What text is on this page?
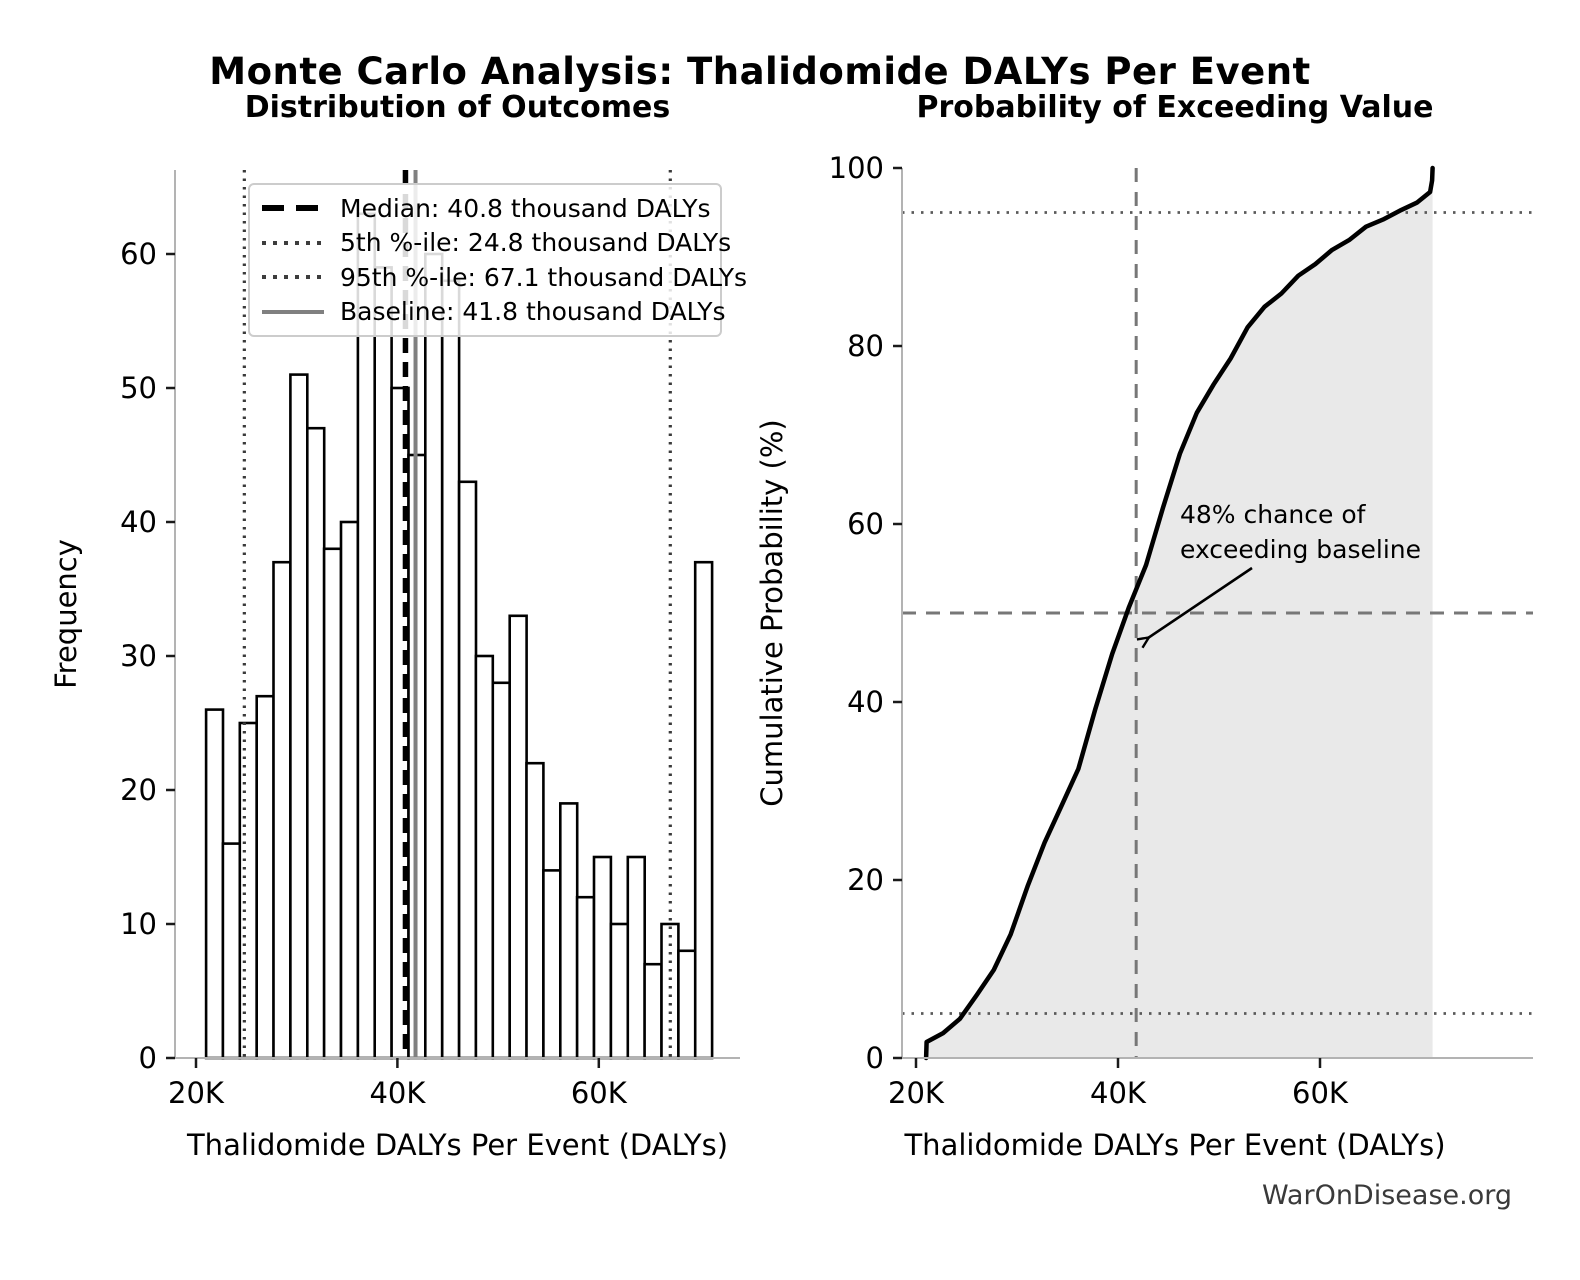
0
10
20
30
40
50
60
20K	40K	60K
0
20
40
60
80
100
20K	40K	60K
Monte Carlo Analysis: Thalidomide DALYs Per Event
Distribution of Outcomes	Probability of Exceeding Value
Frequency	Cumulative Probability (%)
Thalidomide DALYs Per Event (DALYs)	Thalidomide DALYs Per Event (DALYs)
Median: 40.8 thousand DALYs
5th %-ile: 24.8 thousand DALYs
95th %-ile: 67.1 thousand DALYs
Baseline: 41.8 thousand DALYs
48% chance of
exceeding baseline
WarOnDisease.org
